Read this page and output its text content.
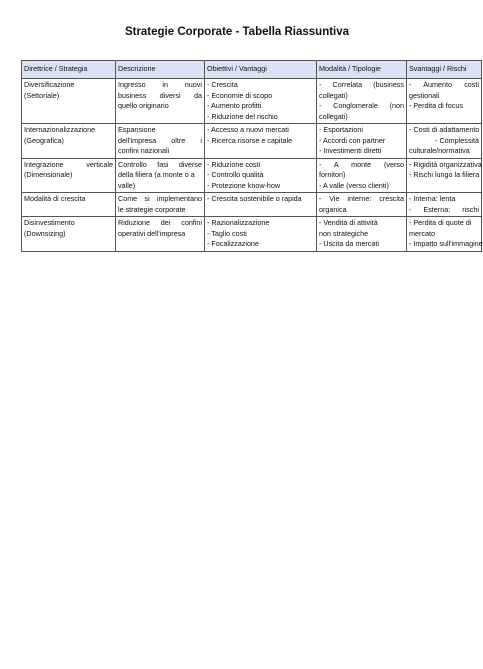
Strategie Corporate - Tabella Riassuntiva
Direttrice / Strategia	Descrizione	Obiettivi / Vantaggi	Modalità / Tipologie	Svantaggi / Rischi

Diversificazione
(Settoriale)	Ingresso in nuovi
business diversi da
quello originario	- Crescita
- Economie di scopo
- Aumento profitti
- Riduzione del rischio	- Correlata (business
collegati)
- Conglomerale (non
collegati)	- Aumento costi
gestionali
- Perdita di focus

Internazionalizzazione
(Geografica)	Espansione
dell'impresa oltre i
confini nazionali	- Accesso a nuovi mercati
- Ricerca risorse e capitale	- Esportazioni
- Accordi con partner
- Investimenti diretti	- Costi di adattamento
- Complessità
culturale/normativa

Integrazione verticale
(Dimensionale)	Controllo fasi diverse
della filiera (a monte o a
valle)	- Riduzione costi
- Controllo qualità
- Protezione know-how	- A monte (verso
fornitori)
- A valle (verso clienti)	- Rigidità organizzativa
- Rischi lungo la filiera

Modalità di crescita	Come si implementano
le strategie corporate	- Crescita sostenibile o rapida	- Vie interne: crescita
organica	- Interna: lenta
- Esterna: rischi

Disinvestimento
(Downsizing)	Riduzione dei confini
operativi dell'impresa	- Razionalizzazione
- Taglio costi
- Focalizzazione	- Vendita di attività
non strategiche
- Uscita da mercati	- Perdita di quote di
mercato
- Impatto sull'immagine
